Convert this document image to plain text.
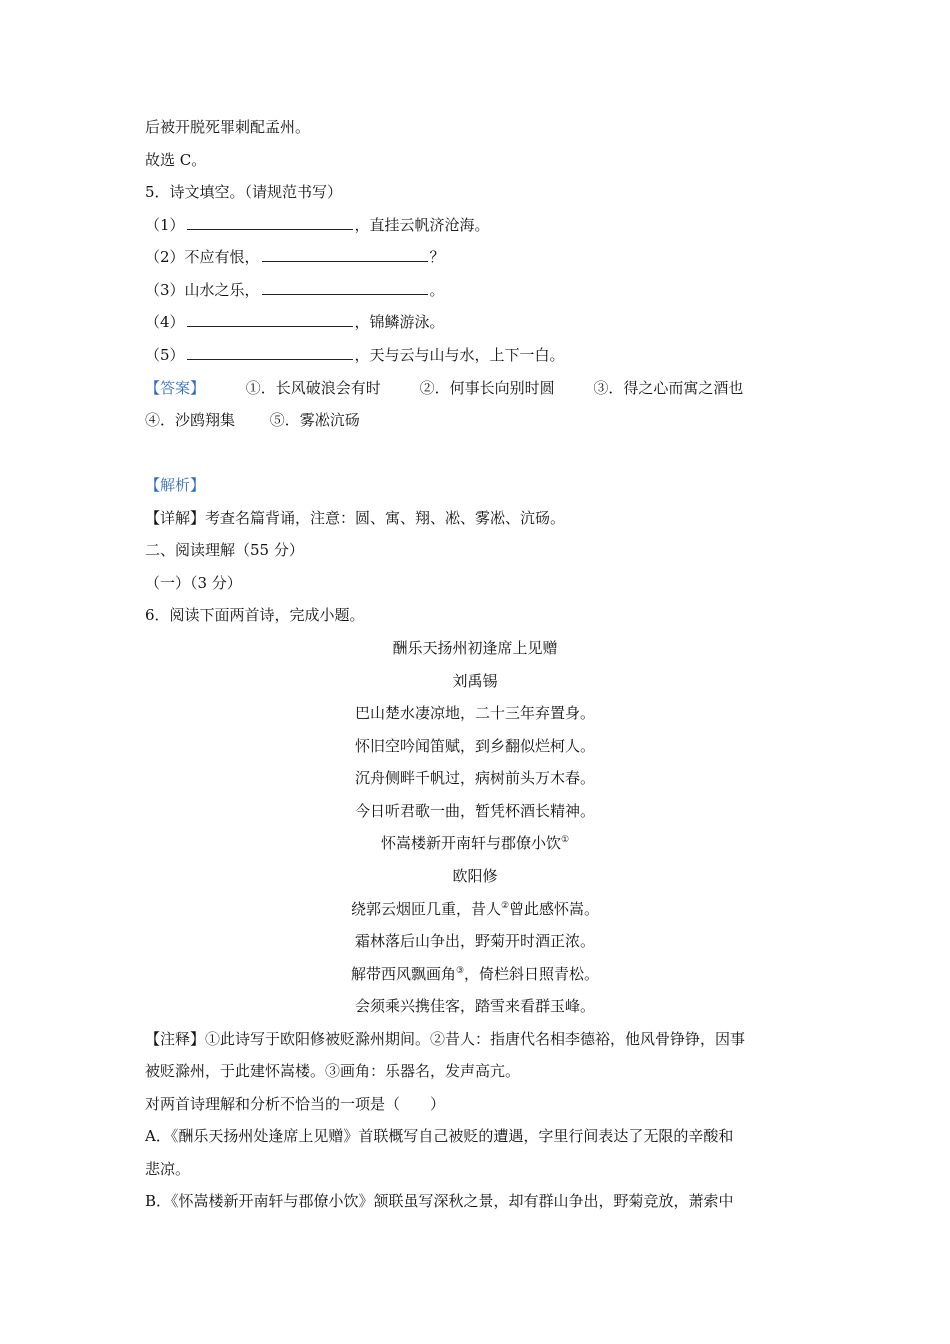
后被开脱死罪刺配孟州。
故选 C。
5．诗文填空。（请规范书写）
（1）	，直挂云帆济沧海。
（2）不应有恨，	？
（3）山水之乐，	。
（4）	，锦鳞游泳。
（5）	，天与云与山与水，上下一白。
【答案】	①．长风破浪会有时	②．何事长向别时圆	③．得之心而寓之酒也
④．沙鸥翔集 ⑤．雾凇沆砀
【解析】
【详解】考查名篇背诵，注意：圆、寓、翔、凇、雾凇、沆砀。
二、阅读理解（55 分）
（一）（3 分）
6．阅读下面两首诗，完成小题。
酬乐天扬州初逢席上见赠
刘禹锡
巴山楚水凄凉地，二十三年弃置身。
怀旧空吟闻笛赋，到乡翻似烂柯人。
沉舟侧畔千帆过，病树前头万木春。
今日听君歌一曲，暂凭杯酒长精神。
怀嵩楼新开南轩与郡僚小饮①
欧阳修
绕郭云烟匝几重，昔人②曾此感怀嵩。
霜林落后山争出，野菊开时酒正浓。
解带西风飘画角③，倚栏斜日照青松。
会须乘兴携佳客，踏雪来看群玉峰。
【注释】①此诗写于欧阳修被贬滁州期间。②昔人：指唐代名相李德裕，他风骨铮铮，因事
被贬滁州，于此建怀嵩楼。③画角：乐器名，发声高亢。
对两首诗理解和分析不恰当的一项是（　　）
A．《酬乐天扬州处逢席上见赠》首联概写自己被贬的遭遇，字里行间表达了无限的辛酸和
悲凉。
B．《怀嵩楼新开南轩与郡僚小饮》颔联虽写深秋之景，却有群山争出，野菊竞放，萧索中
